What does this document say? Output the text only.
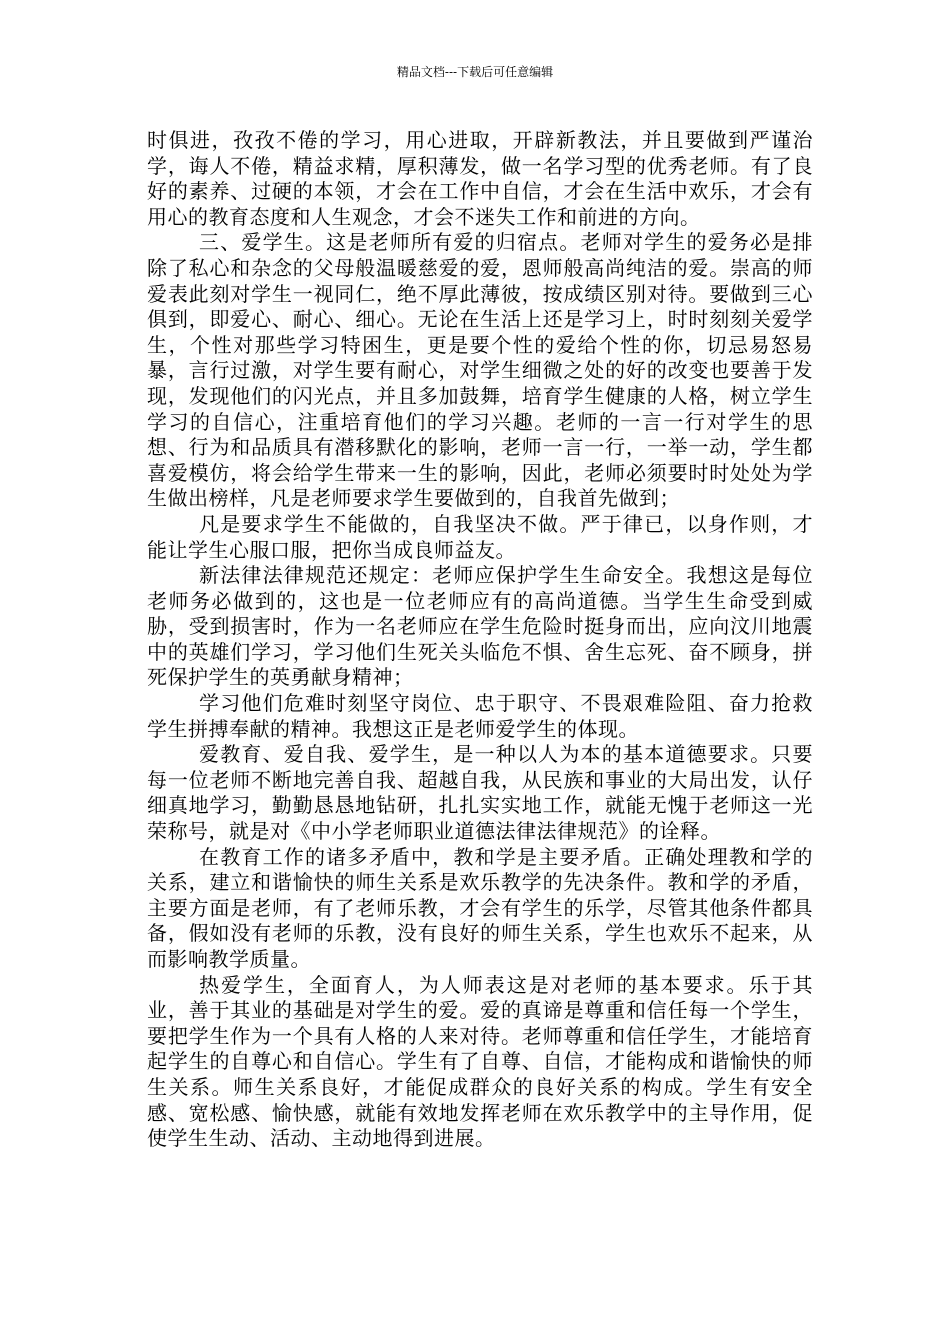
精品文档---下载后可任意编辑

时俱进，孜孜不倦的学习，用心进取，开辟新教法，并且要做到严谨治学，诲人不倦，精益求精，厚积薄发，做一名学习型的优秀老师。有了良好的素养、过硬的本领，才会在工作中自信，才会在生活中欢乐，才会有用心的教育态度和人生观念，才会不迷失工作和前进的方向。

三、爱学生。这是老师所有爱的归宿点。老师对学生的爱务必是排除了私心和杂念的父母般温暖慈爱的爱，恩师般高尚纯洁的爱。崇高的师爱表此刻对学生一视同仁，绝不厚此薄彼，按成绩区别对待。要做到三心俱到，即爱心、耐心、细心。无论在生活上还是学习上，时时刻刻关爱学生，个性对那些学习特困生，更是要个性的爱给个性的你，切忌易怒易暴，言行过激，对学生要有耐心，对学生细微之处的好的改变也要善于发现，发现他们的闪光点，并且多加鼓舞，培育学生健康的人格，树立学生学习的自信心，注重培育他们的学习兴趣。老师的一言一行对学生的思想、行为和品质具有潜移默化的影响，老师一言一行，一举一动，学生都喜爱模仿，将会给学生带来一生的影响，因此，老师必须要时时处处为学生做出榜样，凡是老师要求学生要做到的，自我首先做到；

凡是要求学生不能做的，自我坚决不做。严于律已，以身作则，才能让学生心服口服，把你当成良师益友。

新法律法律规范还规定：老师应保护学生生命安全。我想这是每位老师务必做到的，这也是一位老师应有的高尚道德。当学生生命受到威胁，受到损害时，作为一名老师应在学生危险时挺身而出，应向汶川地震中的英雄们学习，学习他们生死关头临危不惧、舍生忘死、奋不顾身，拼死保护学生的英勇献身精神；

学习他们危难时刻坚守岗位、忠于职守、不畏艰难险阻、奋力抢救学生拼搏奉献的精神。我想这正是老师爱学生的体现。

爱教育、爱自我、爱学生，是一种以人为本的基本道德要求。只要每一位老师不断地完善自我、超越自我，从民族和事业的大局出发，认仔细真地学习，勤勤恳恳地钻研，扎扎实实地工作，就能无愧于老师这一光荣称号，就是对《中小学老师职业道德法律法律规范》的诠释。

在教育工作的诸多矛盾中，教和学是主要矛盾。正确处理教和学的关系，建立和谐愉快的师生关系是欢乐教学的先决条件。教和学的矛盾，主要方面是老师，有了老师乐教，才会有学生的乐学，尽管其他条件都具备，假如没有老师的乐教，没有良好的师生关系，学生也欢乐不起来，从而影响教学质量。

热爱学生，全面育人，为人师表这是对老师的基本要求。乐于其业，善于其业的基础是对学生的爱。爱的真谛是尊重和信任每一个学生，要把学生作为一个具有人格的人来对待。老师尊重和信任学生，才能培育起学生的自尊心和自信心。学生有了自尊、自信，才能构成和谐愉快的师生关系。师生关系良好，才能促成群众的良好关系的构成。学生有安全感、宽松感、愉快感，就能有效地发挥老师在欢乐教学中的主导作用，促使学生生动、活动、主动地得到进展。
